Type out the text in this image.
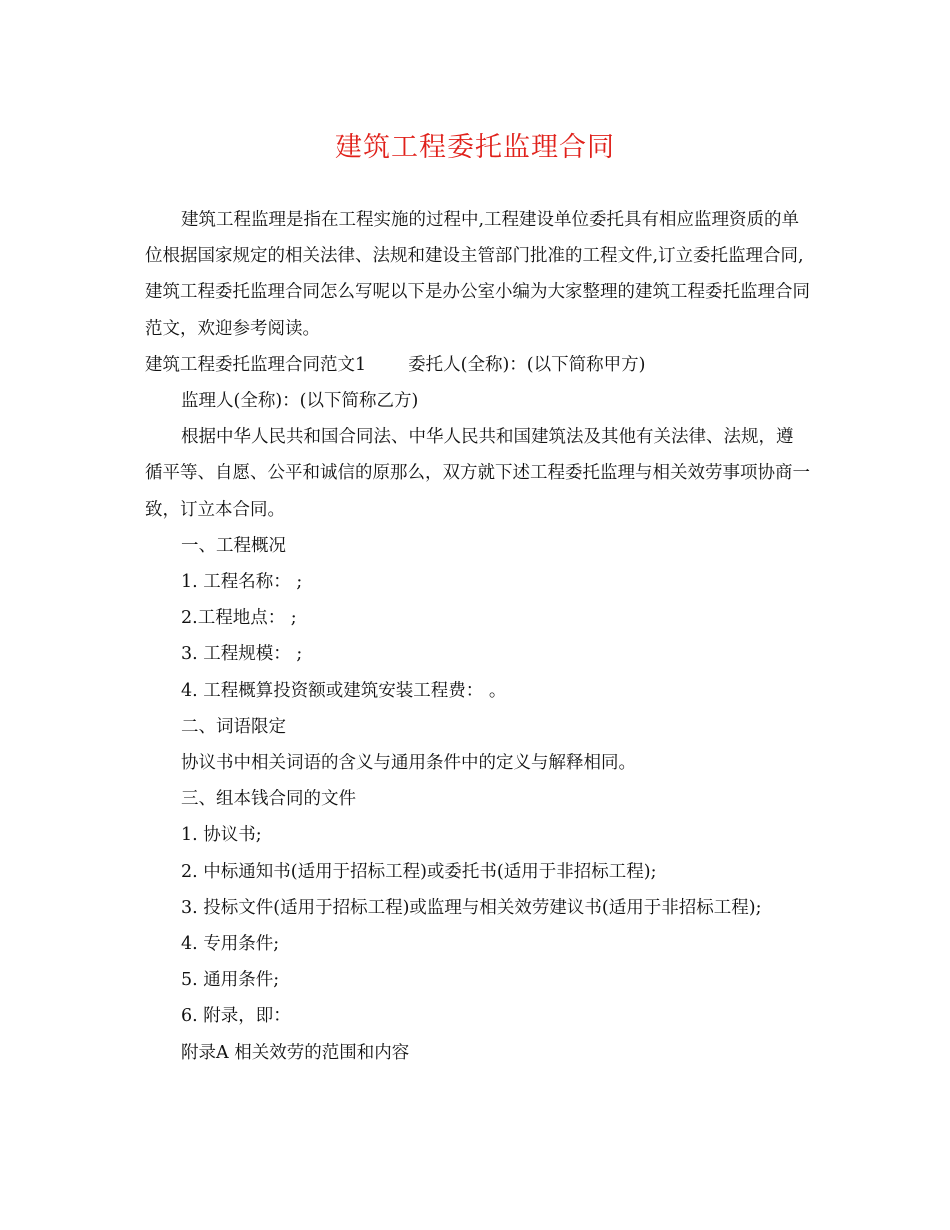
建筑工程委托监理合同

建筑工程监理是指在工程实施的过程中,工程建设单位委托具有相应监理资质的单位根据国家规定的相关法律、法规和建设主管部门批准的工程文件,订立委托监理合同,建筑工程委托监理合同怎么写呢以下是办公室小编为大家整理的建筑工程委托监理合同范文，欢迎参考阅读。

建筑工程委托监理合同范文1 委托人(全称)：(以下简称甲方)

监理人(全称)：(以下简称乙方)

根据中华人民共和国合同法、中华人民共和国建筑法及其他有关法律、法规，遵循平等、自愿、公平和诚信的原那么，双方就下述工程委托监理与相关效劳事项协商一致，订立本合同。

一、工程概况

1. 工程名称： ;

2.工程地点： ;

3. 工程规模： ;

4. 工程概算投资额或建筑安装工程费： 。

二、词语限定

协议书中相关词语的含义与通用条件中的定义与解释相同。

三、组本钱合同的文件

1. 协议书;

2. 中标通知书(适用于招标工程)或委托书(适用于非招标工程);

3. 投标文件(适用于招标工程)或监理与相关效劳建议书(适用于非招标工程);

4. 专用条件;

5. 通用条件;

6. 附录，即：

附录A 相关效劳的范围和内容
